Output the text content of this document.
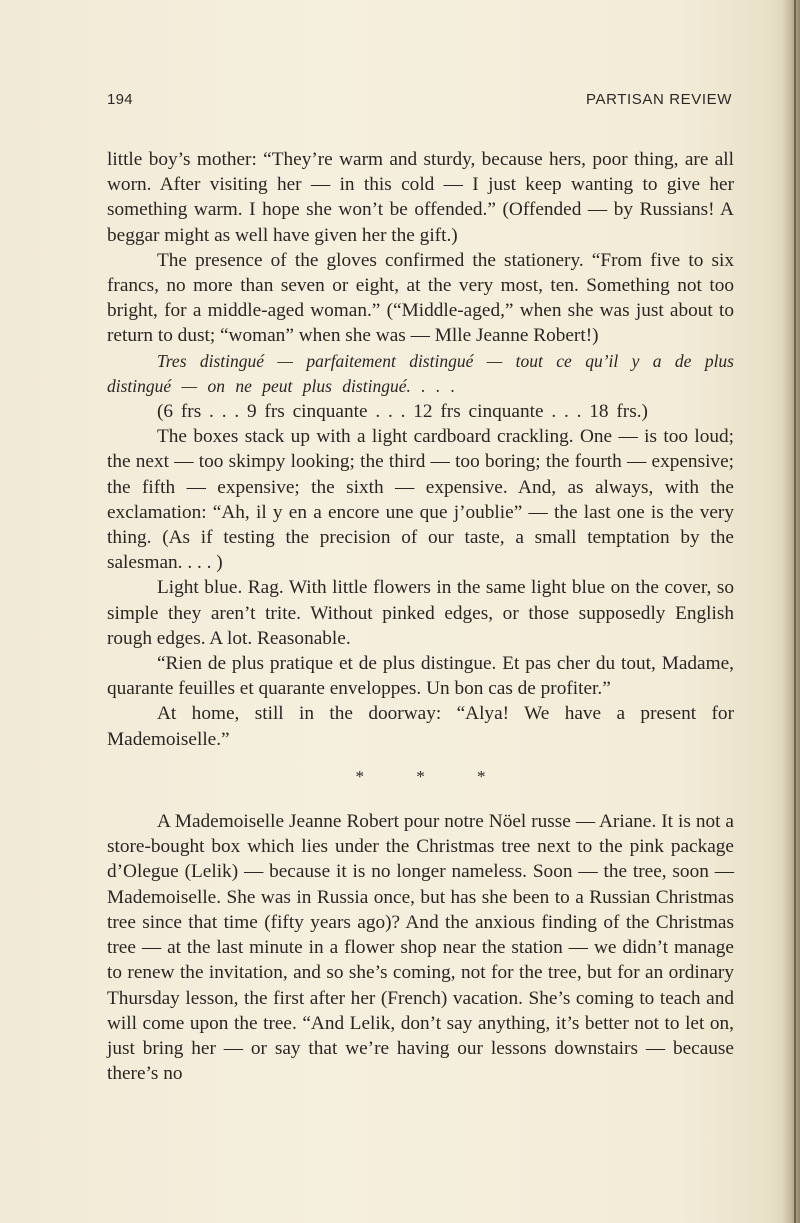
194	PARTISAN REVIEW

little boy’s mother: “They’re warm and sturdy, because hers, poor thing, are all worn. After visiting her — in this cold — I just keep wanting to give her something warm. I hope she won’t be offended.” (Offended — by Russians! A beggar might as well have given her the gift.)

The presence of the gloves confirmed the stationery. “From five to six francs, no more than seven or eight, at the very most, ten. Something not too bright, for a middle-aged woman.” (“Middle-aged,” when she was just about to return to dust; “woman” when she was — Mlle Jeanne Robert!)

Tres distingué — parfaitement distingué — tout ce qu’il y a de plus distingué — on ne peut plus distingué. . . .

(6 frs . . . 9 frs cinquante . . . 12 frs cinquante . . . 18 frs.)

The boxes stack up with a light cardboard crackling. One — is too loud; the next — too skimpy looking; the third — too boring; the fourth — expensive; the fifth — expensive; the sixth — expensive. And, as always, with the exclamation: “Ah, il y en a encore une que j’oublie” — the last one is the very thing. (As if testing the precision of our taste, a small temptation by the salesman. . . . )

Light blue. Rag. With little flowers in the same light blue on the cover, so simple they aren’t trite. Without pinked edges, or those supposedly English rough edges. A lot. Reasonable.

“Rien de plus pratique et de plus distingue. Et pas cher du tout, Madame, quarante feuilles et quarante enveloppes. Un bon cas de profiter.”

At home, still in the doorway: “Alya! We have a present for Mademoiselle.”

* * *

A Mademoiselle Jeanne Robert pour notre Nöel russe — Ariane. It is not a store-bought box which lies under the Christmas tree next to the pink package d’Olegue (Lelik) — because it is no longer nameless. Soon — the tree, soon — Mademoiselle. She was in Russia once, but has she been to a Russian Christmas tree since that time (fifty years ago)? And the anxious finding of the Christmas tree — at the last minute in a flower shop near the station — we didn’t manage to renew the invitation, and so she’s coming, not for the tree, but for an ordinary Thursday lesson, the first after her (French) vacation. She’s coming to teach and will come upon the tree. “And Lelik, don’t say anything, it’s better not to let on, just bring her — or say that we’re having our lessons downstairs — because there’s no
